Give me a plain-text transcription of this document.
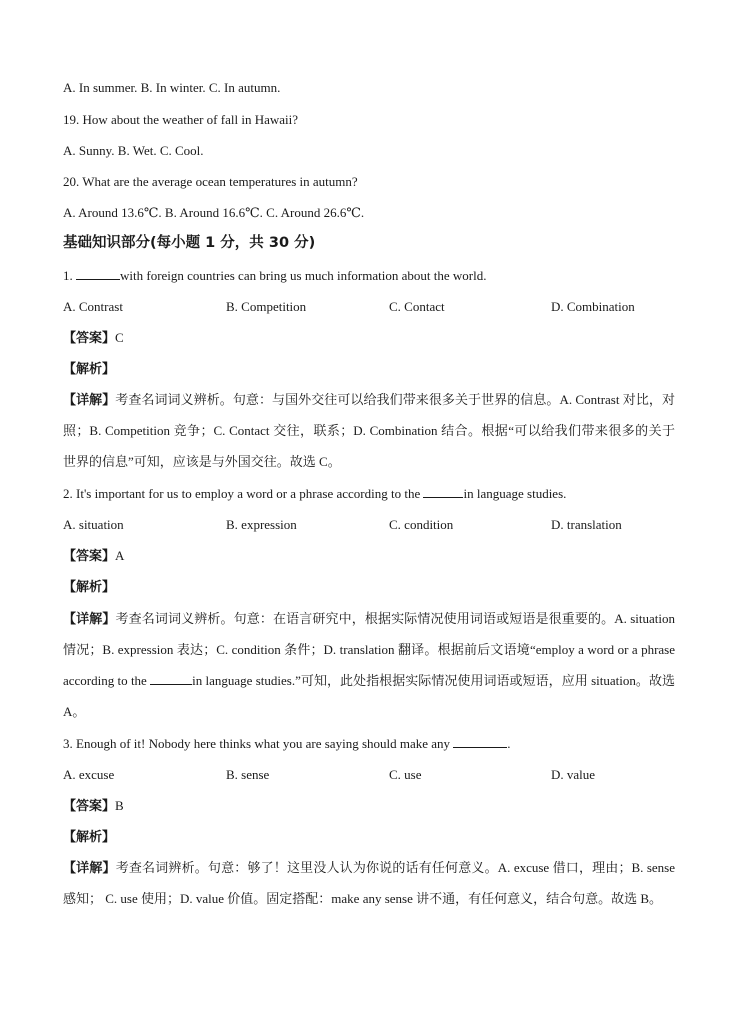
A. In summer. B. In winter. C. In autumn.
19. How about the weather of fall in Hawaii?
A. Sunny. B. Wet. C. Cool.
20. What are the average ocean temperatures in autumn?
A. Around 13.6℃. B. Around 16.6℃. C. Around 26.6℃.
基础知识部分(每小题 1 分，共 30 分)
1.	with foreign countries can bring us much information about the world.
A. Contrast	B. Competition	C. Contact	D. Combination
【答案】C
【解析】
【详解】考查名词词义辨析。句意：与国外交往可以给我们带来很多关于世界的信息。A. Contrast 对比，对照；B. Competition 竞争；C. Contact 交往，联系；D. Combination 结合。根据“可以给我们带来很多的关于世界的信息”可知，应该是与外国交往。故选 C。
2. It's important for us to employ a word or a phrase according to the	in language studies.
A. situation	B. expression	C. condition	D. translation
【答案】A
【解析】
【详解】考查名词词义辨析。句意：在语言研究中，根据实际情况使用词语或短语是很重要的。A. situation 情况；B. expression 表达；C. condition 条件；D. translation 翻译。根据前后文语境“employ a word or a phrase according to the	in language studies.”可知，此处指根据实际情况使用词语或短语，应用 situation。故选 A。
3. Enough of it! Nobody here thinks what you are saying should make any	.
A. excuse	B. sense	C. use	D. value
【答案】B
【解析】
【详解】考查名词辨析。句意：够了！这里没人认为你说的话有任何意义。A. excuse 借口，理由；B. sense 感知； C. use 使用；D. value 价值。固定搭配：make any sense 讲不通，有任何意义，结合句意。故选 B。
